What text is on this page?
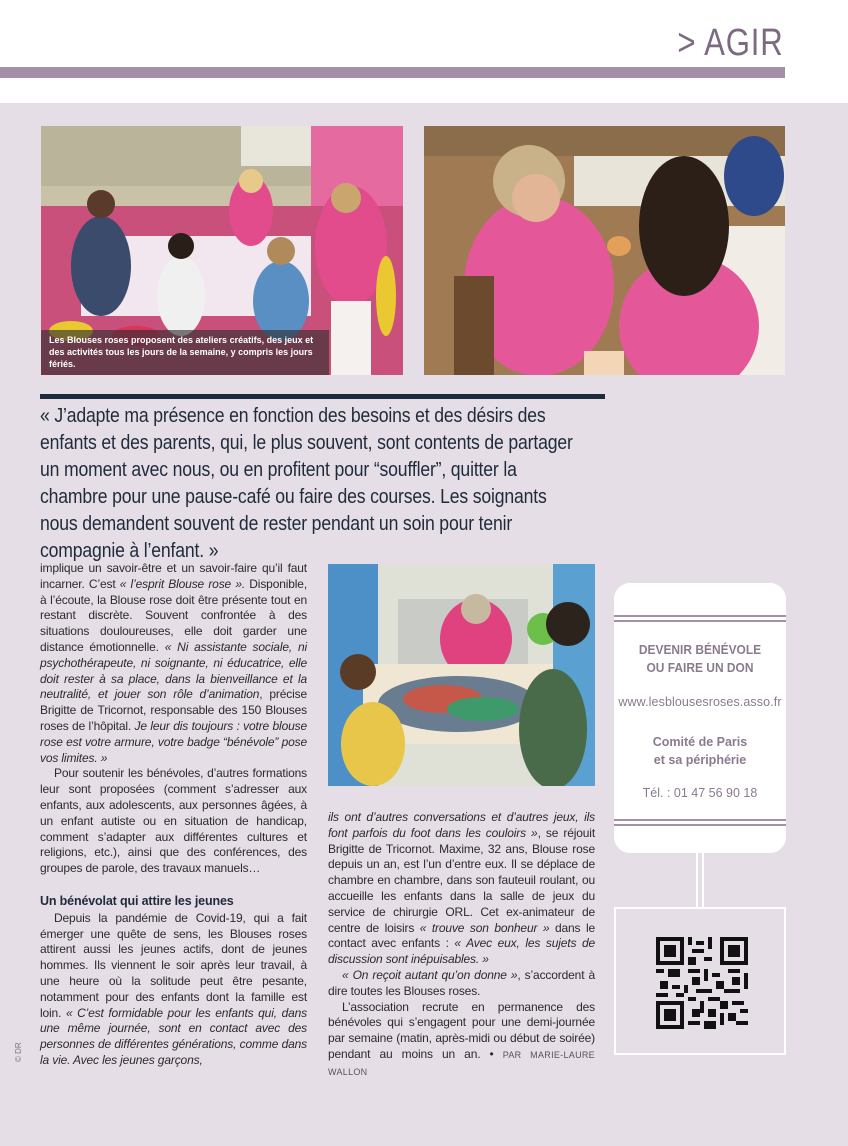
> AGIR
Les Blouses roses proposent des ateliers créatifs, des jeux et des activités tous les jours de la semaine, y compris les jours fériés.
« J’adapte ma présence en fonction des besoins et des désirs des enfants et des parents, qui, le plus souvent, sont contents de partager un moment avec nous, ou en profitent pour “souffler”, quitter la chambre pour une pause-café ou faire des courses. Les soignants nous demandent souvent de rester pendant un soin pour tenir compagnie à l’enfant. »

implique un savoir-être et un savoir-faire qu’il faut incarner. C’est « l’esprit Blouse rose ». Disponible, à l’écoute, la Blouse rose doit être présente tout en restant discrète. Souvent confrontée à des situations douloureuses, elle doit garder une distance émotionnelle. « Ni assistante sociale, ni psychothérapeute, ni soignante, ni éducatrice, elle doit rester à sa place, dans la bienveillance et la neutralité, et jouer son rôle d’animation, précise Brigitte de Tricornot, responsable des 150 Blouses roses de l’hôpital. Je leur dis toujours : votre blouse rose est votre armure, votre badge “bénévole” pose vos limites. »

Pour soutenir les bénévoles, d’autres formations leur sont proposées (comment s’adresser aux enfants, aux adolescents, aux personnes âgées, à un enfant autiste ou en situation de handicap, comment s’adapter aux différentes cultures et religions, etc.), ainsi que des conférences, des groupes de parole, des travaux manuels…

Un bénévolat qui attire les jeunes

Depuis la pandémie de Covid-19, qui a fait émerger une quête de sens, les Blouses roses attirent aussi les jeunes actifs, dont de jeunes hommes. Ils viennent le soir après leur travail, à une heure où la solitude peut être pesante, notamment pour des enfants dont la famille est loin. « C’est formidable pour les enfants qui, dans une même journée, sont en contact avec des personnes de différentes générations, comme dans la vie. Avec les jeunes garçons,

ils ont d’autres conversations et d’autres jeux, ils font parfois du foot dans les couloirs », se réjouit Brigitte de Tricornot. Maxime, 32 ans, Blouse rose depuis un an, est l’un d’entre eux. Il se déplace de chambre en chambre, dans son fauteuil roulant, ou accueille les enfants dans la salle de jeux du service de chirurgie ORL. Cet ex-animateur de centre de loisirs « trouve son bonheur » dans le contact avec enfants : « Avec eux, les sujets de discussion sont inépuisables. »

« On reçoit autant qu’on donne », s’accordent à dire toutes les Blouses roses.

L’association recrute en permanence des bénévoles qui s’engagent pour une demi-journée par semaine (matin, après-midi ou début de soirée) pendant au moins un an. • PAR MARIE-LAURE WALLON

© DR
DEVENIR BÉNÉVOLE
OU FAIRE UN DON
www.lesblousesroses.asso.fr
Comité de Paris
et sa périphérie
Tél. : 01 47 56 90 18
